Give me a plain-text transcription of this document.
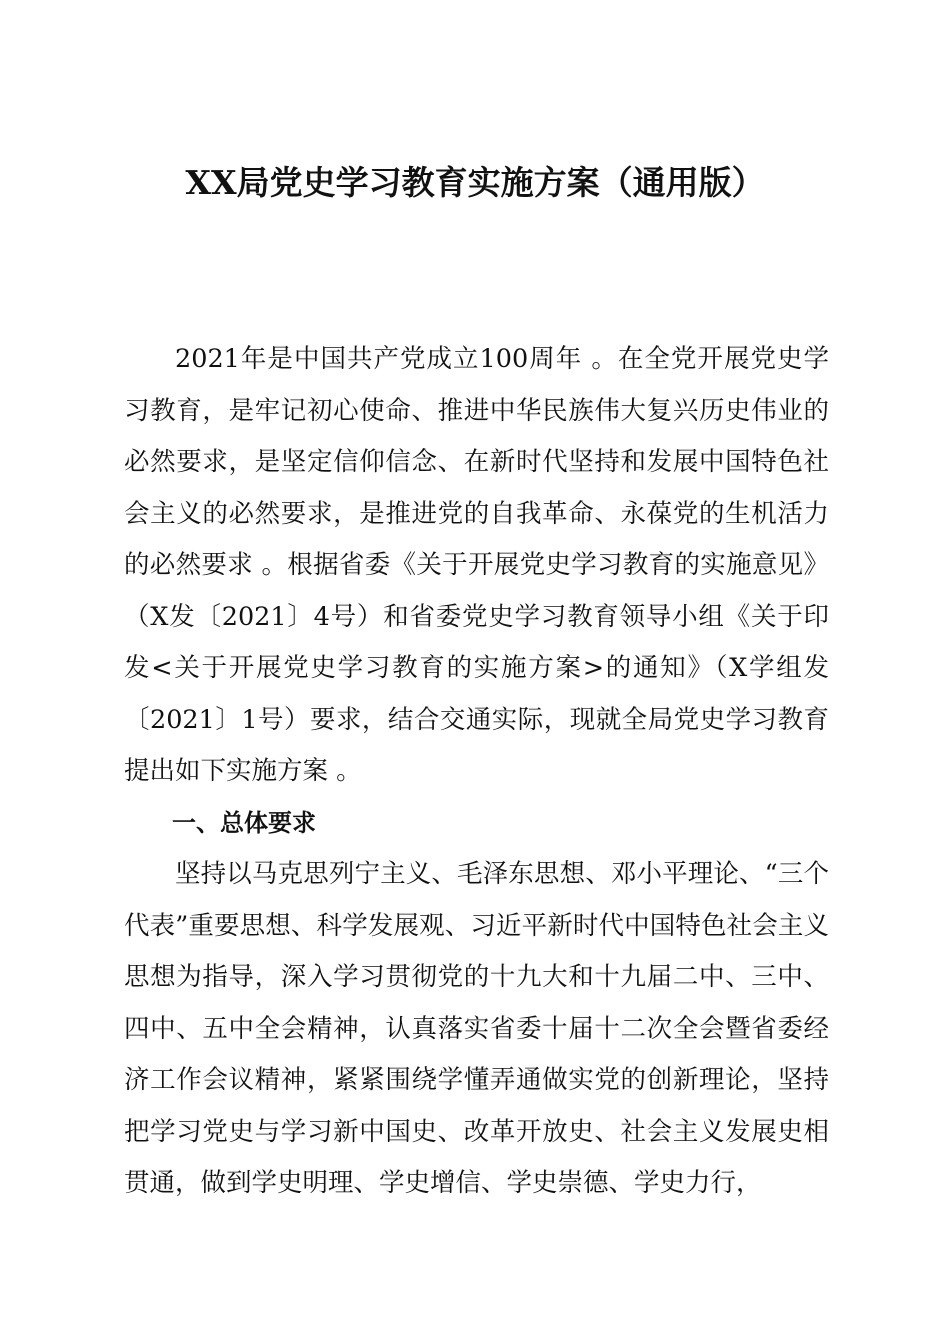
XX局党史学习教育实施方案（通用版）

2021年是中国共产党成立100周年 。在全党开展党史学习教育，是牢记初心使命、推进中华民族伟大复兴历史伟业的必然要求，是坚定信仰信念、在新时代坚持和发展中国特色社会主义的必然要求，是推进党的自我革命、永葆党的生机活力的必然要求 。根据省委《关于开展党史学习教育的实施意见》（X发〔2021〕4号）和省委党史学习教育领导小组《关于印发<关于开展党史学习教育的实施方案>的通知》（X学组发〔2021〕1号）要求，结合交通实际，现就全局党史学习教育提出如下实施方案 。

一、总体要求

坚持以马克思列宁主义、毛泽东思想、邓小平理论、“三个代表”重要思想、科学发展观、习近平新时代中国特色社会主义思想为指导，深入学习贯彻党的十九大和十九届二中、三中、四中、五中全会精神，认真落实省委十届十二次全会暨省委经济工作会议精神，紧紧围绕学懂弄通做实党的创新理论，坚持把学习党史与学习新中国史、改革开放史、社会主义发展史相贯通，做到学史明理、学史增信、学史崇德、学史力行，
